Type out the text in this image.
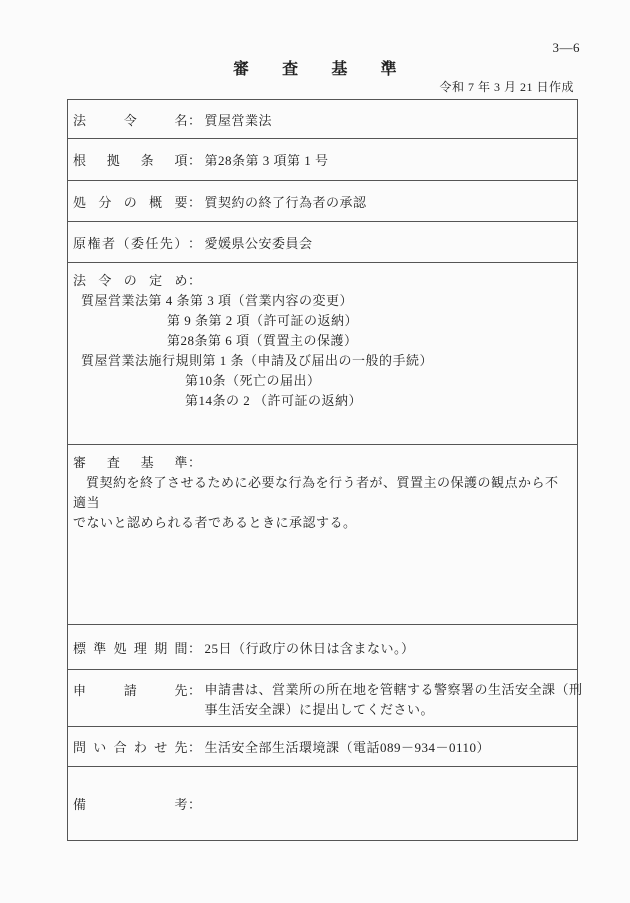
3—6
審 査 基 準
令和 7 年 3 月 21 日作成
法	令	名 ： 質屋営業法
根 拠 条 項 ： 第28条第 3 項第 1 号
処 分 の 概 要 ： 質契約の終了行為者の承認
原 権 者 （ 委 任 先 ） ： 愛媛県公安委員会
法 令 の 定 め ：
質屋営業法第 4 条第 3 項（営業内容の変更）
第 9 条第 2 項（許可証の返納）
第28条第 6 項（質置主の保護）
質屋営業法施行規則第 1 条（申請及び届出の一般的手続）
第10条（死亡の届出）
第14条の 2 （許可証の返納）
審 査 基 準 ：
質契約を終了させるために必要な行為を行う者が、質置主の保護の観点から不適当
でないと認められる者であるときに承認する。
標 準 処 理 期 間 ： 25日（行政庁の休日は含まない。）
申	請	先 ： 申請書は、営業所の所在地を管轄する警察署の生活安全課（刑
事生活安全課）に提出してください。
問 い 合 わ せ 先 ： 生活安全部生活環境課（電話089－934－0110）
備	考 ：
